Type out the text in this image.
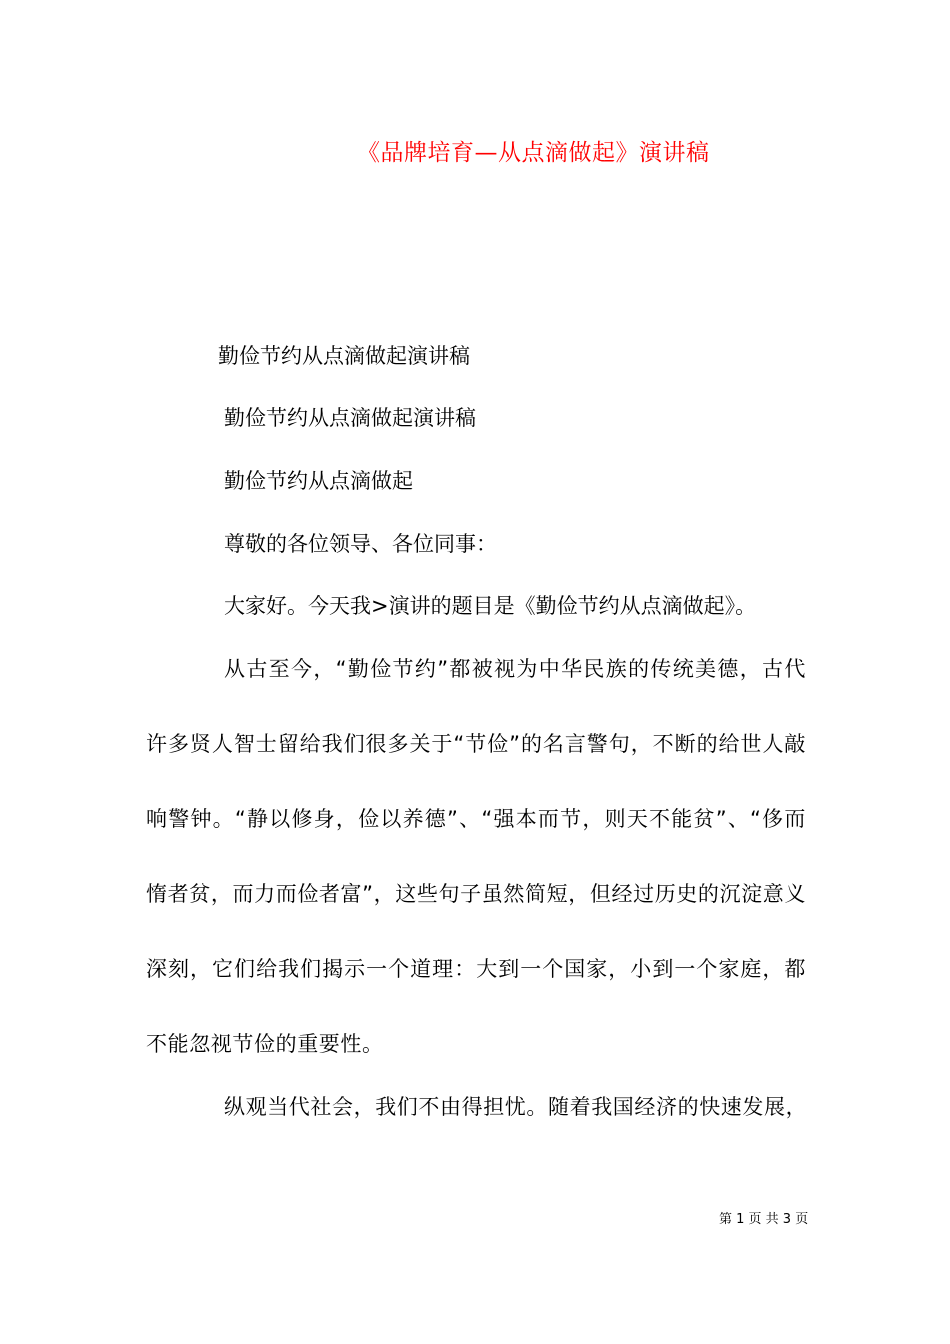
《品牌培育—从点滴做起》演讲稿
勤俭节约从点滴做起演讲稿
勤俭节约从点滴做起演讲稿
勤俭节约从点滴做起
尊敬的各位领导、各位同事：
大家好。今天我>演讲的题目是《勤俭节约从点滴做起》。
从古至今，“勤俭节约”都被视为中华民族的传统美德，古代许多贤人智士留给我们很多关于“节俭”的名言警句，不断的给世人敲响警钟。“静以修身，俭以养德”、“强本而节，则天不能贫”、“侈而惰者贫，而力而俭者富”，这些句子虽然简短，但经过历史的沉淀意义深刻，它们给我们揭示一个道理：大到一个国家，小到一个家庭，都不能忽视节俭的重要性。
纵观当代社会，我们不由得担忧。随着我国经济的快速发展，
第 1 页 共 3 页
